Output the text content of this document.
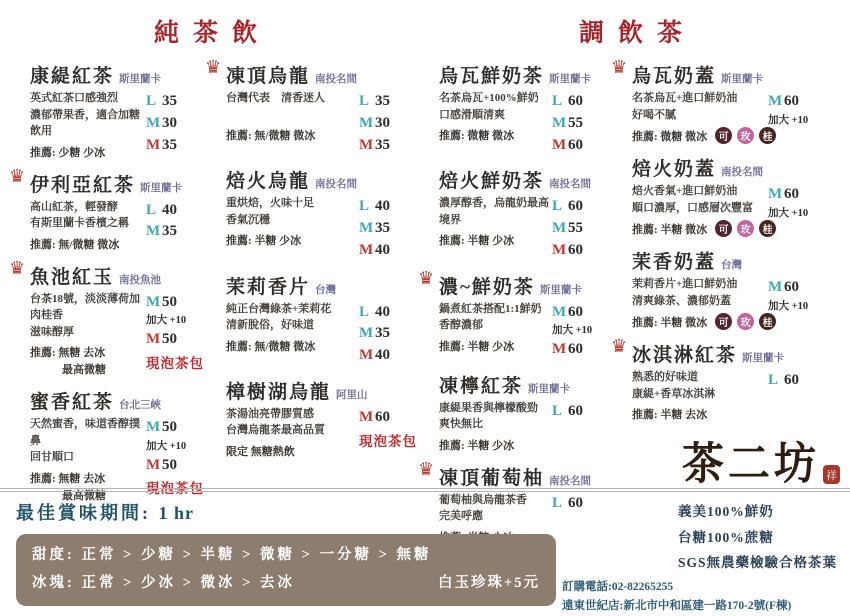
純茶飲	調飲茶
康緹紅茶 斯里蘭卡
英式紅茶口感強烈
濃郁帶果香，適合加糖飲用
推薦: 少糖 少冰
L 35
M 30
M 35
♛ 伊利亞紅茶 斯里蘭卡
高山紅茶，輕發酵
有斯里蘭卡香檳之稱
推薦: 無/微糖 微冰
L 40
M 35
♛ 魚池紅玉 南投魚池
台茶18號，淡淡薄荷加肉桂香
滋味醇厚
推薦: 無糖 去冰
最高微糖
M 50
加大 +10
M 50
現泡茶包
蜜香紅茶 台北三峽
天然蜜香，味道香醇撲鼻
回甘順口
推薦: 無糖 去冰
最高微糖
M 50
加大 +10
M 50
現泡茶包
♛ 凍頂烏龍 南投名間
台灣代表　清香迷人

推薦: 無/微糖 微冰
L 35
M 30
M 35
焙火烏龍 南投名間
重烘焙，火味十足
香氣沉穩
推薦: 半糖 少冰
L 40
M 35
M 40
茉莉香片 台灣
純正台灣綠茶+茉莉花
清新脫俗，好味道
推薦: 無/微糖 微冰
L 40
M 35
M 40
樟樹湖烏龍 阿里山
茶湯油亮帶膠質感
台灣烏龍茶最高品質
限定 無糖熱飲
M 60
現泡茶包
烏瓦鮮奶茶 斯里蘭卡
名茶烏瓦+100%鮮奶
口感滑順清爽
推薦: 微糖 微冰
L 60
M 55
M 60
焙火鮮奶茶 南投名間
濃厚醇香，烏龍奶最高境界
推薦: 半糖 少冰
L 60
M 55
M 60
♛ 濃~鮮奶茶 斯里蘭卡
鍋煮紅茶搭配1:1鮮奶
香醇濃郁
推薦: 半糖 少冰
M 60
加大 +10
M 60
凍檸紅茶 斯里蘭卡
康緹果香與檸檬酸勁
爽快無比
推薦: 半糖 少冰
L 60
♛ 凍頂葡萄柚 南投名間
葡萄柚與烏龍茶香
完美呼應
L 60
♛ 烏瓦奶蓋 斯里蘭卡
名茶烏瓦+進口鮮奶油
好喝不膩
推薦: 微糖 微冰	可	玫	桂
M 60
加大 +10
焙火奶蓋 南投名間
焙火香氣+進口鮮奶油
順口濃厚，口感層次豐富
推薦: 半糖 微冰	可	玫	桂
M 60
加大 +10
茉香奶蓋 台灣
茉莉香片+進口鮮奶油
清爽綠茶、濃郁奶蓋
推薦: 半糖 微冰	可	玫	桂
M 60
加大 +10
♛ 冰淇淋紅茶 斯里蘭卡
熟悉的好味道
康緹+香草冰淇淋
推薦: 半糖 去冰
L 60
茶二坊 祥
最佳賞味期間: 1 hr
甜度: 正常 > 少糖 > 半糖 > 微糖 > 一分糖 > 無糖
冰塊: 正常 > 少冰 > 微冰 > 去冰	白玉珍珠+5元
義美100%鮮奶
台糖100%蔗糖
SGS無農藥檢驗合格茶葉
訂購電話:02-82265255
遠東世紀店:新北市中和區建一路170-2號(F棟)
